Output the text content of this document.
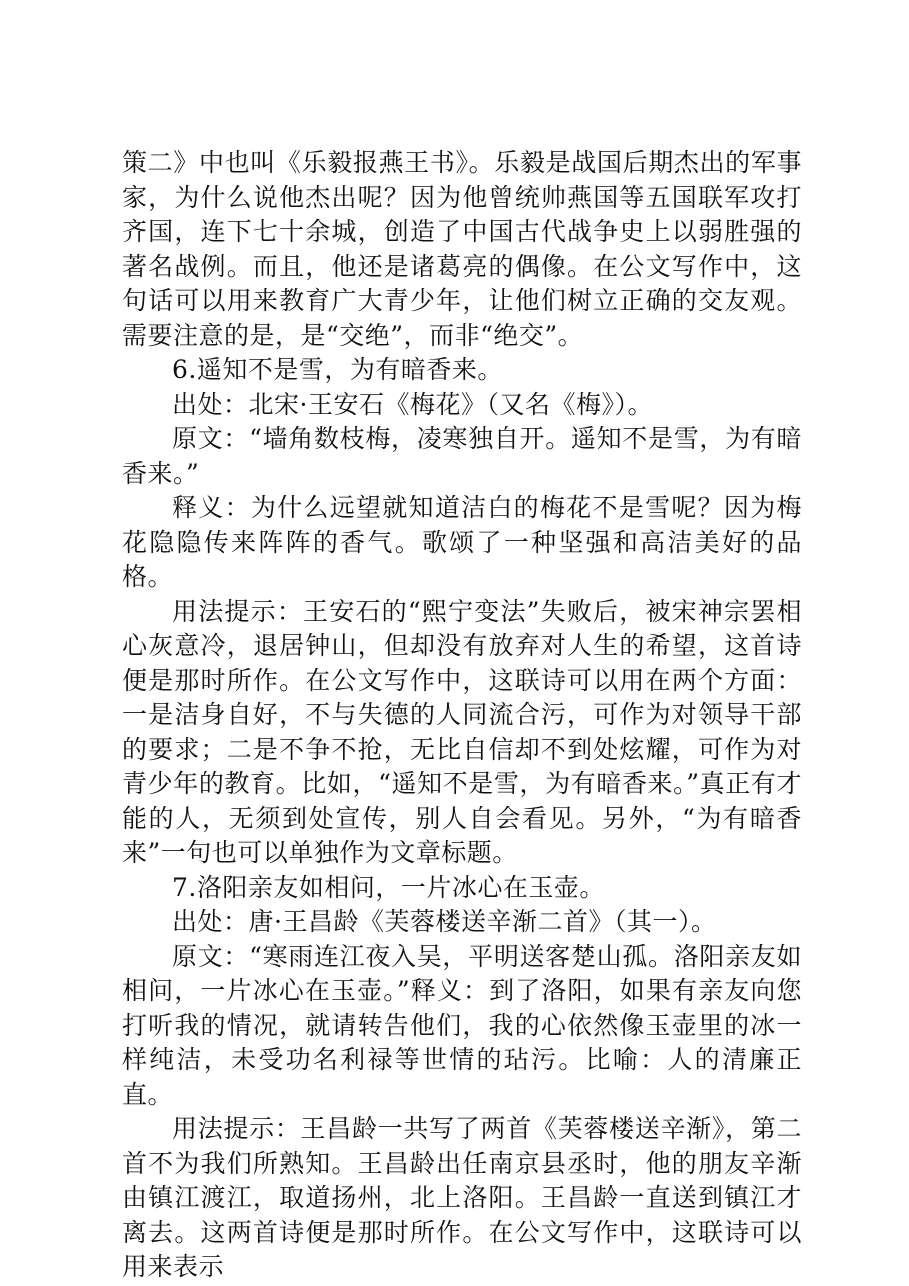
策二》中也叫《乐毅报燕王书》。乐毅是战国后期杰出的军事家，为什么说他杰出呢？因为他曾统帅燕国等五国联军攻打齐国，连下七十余城，创造了中国古代战争史上以弱胜强的著名战例。而且，他还是诸葛亮的偶像。在公文写作中，这句话可以用来教育广大青少年，让他们树立正确的交友观。需要注意的是，是“交绝”，而非“绝交”。

6.遥知不是雪，为有暗香来。

出处：北宋·王安石《梅花》（又名《梅》）。

原文：“墙角数枝梅，凌寒独自开。遥知不是雪，为有暗香来。”

释义：为什么远望就知道洁白的梅花不是雪呢？因为梅花隐隐传来阵阵的香气。歌颂了一种坚强和高洁美好的品格。

用法提示：王安石的“熙宁变法”失败后，被宋神宗罢相心灰意冷，退居钟山，但却没有放弃对人生的希望，这首诗便是那时所作。在公文写作中，这联诗可以用在两个方面：一是洁身自好，不与失德的人同流合污，可作为对领导干部的要求；二是不争不抢，无比自信却不到处炫耀，可作为对青少年的教育。比如，“遥知不是雪，为有暗香来。”真正有才能的人，无须到处宣传，别人自会看见。另外，“为有暗香来”一句也可以单独作为文章标题。

7.洛阳亲友如相问，一片冰心在玉壶。

出处：唐·王昌龄《芙蓉楼送辛渐二首》（其一）。

原文：“寒雨连江夜入吴，平明送客楚山孤。洛阳亲友如相问，一片冰心在玉壶。”释义：到了洛阳，如果有亲友向您打听我的情况，就请转告他们，我的心依然像玉壶里的冰一样纯洁，未受功名利禄等世情的玷污。比喻：人的清廉正直。

用法提示：王昌龄一共写了两首《芙蓉楼送辛渐》，第二首不为我们所熟知。王昌龄出任南京县丞时，他的朋友辛渐由镇江渡江，取道扬州，北上洛阳。王昌龄一直送到镇江才离去。这两首诗便是那时所作。在公文写作中，这联诗可以用来表示
